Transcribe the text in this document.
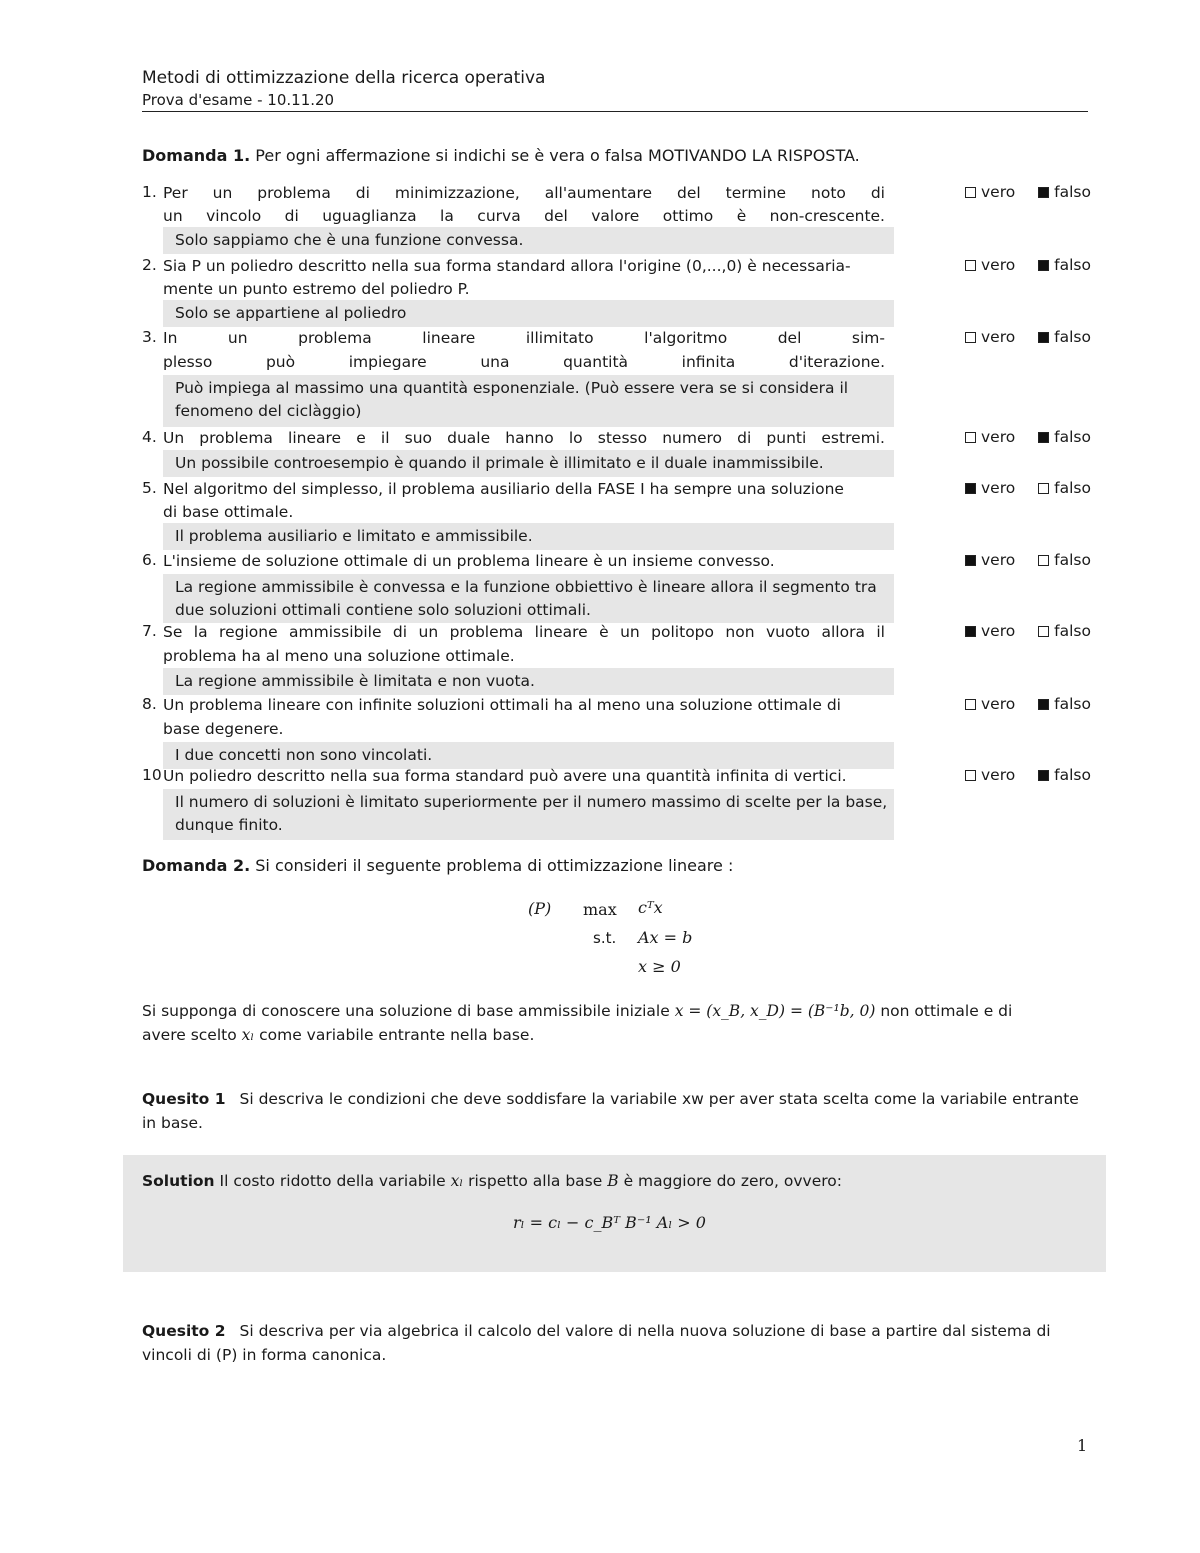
Metodi di ottimizzazione della ricerca operativa
Prova d'esame - 10.11.20
Domanda 1. Per ogni affermazione si indichi se è vera o falsa MOTIVANDO LA RISPOSTA.
1. Per un problema di minimizzazione, all'aumentare del termine noto di
un vincolo di uguaglianza la curva del valore ottimo è non-crescente.
Solo sappiamo che è una funzione convessa.
vero	falso
2. Sia P un poliedro descritto nella sua forma standard allora l'origine (0,...,0) è necessaria-
mente un punto estremo del poliedro P.
Solo se appartiene al poliedro
vero	falso
3. In un problema lineare illimitato l'algoritmo del sim-
plesso può impiegare una quantità infinita d'iterazione.
Può impiega al massimo una quantità esponenziale. (Può essere vera se si considera il fenomeno del ciclàggio)
vero	falso
4. Un problema lineare e il suo duale hanno lo stesso numero di punti estremi.
Un possibile controesempio è quando il primale è illimitato e il duale inammissibile.
vero	falso
5. Nel algoritmo del simplesso, il problema ausiliario della FASE I ha sempre una soluzione
di base ottimale.
Il problema ausiliario e limitato e ammissibile.
vero	falso
6. L'insieme de soluzione ottimale di un problema lineare è un insieme convesso.
La regione ammissibile è convessa e la funzione obbiettivo è lineare allora il segmento tra due soluzioni ottimali contiene solo soluzioni ottimali.
vero	falso
7. Se la regione ammissibile di un problema lineare è un politopo non vuoto allora il
problema ha al meno una soluzione ottimale.
La regione ammissibile è limitata e non vuota.
vero	falso
8. Un problema lineare con infinite soluzioni ottimali ha al meno una soluzione ottimale di
base degenere.
I due concetti non sono vincolati.
vero	falso
10 Un poliedro descritto nella sua forma standard può avere una quantità infinita di vertici.
Il numero di soluzioni è limitato superiormente per il numero massimo di scelte per la base, dunque finito.
vero	falso
Domanda 2. Si consideri il seguente problema di ottimizzazione lineare :
(P) max cᵀx
s.t. Ax = b
x ≥ 0
Si supponga di conoscere una soluzione di base ammissibile iniziale x = (x_B, x_D) = (B⁻¹b, 0) non ottimale e di
avere scelto xₗ come variabile entrante nella base.
Quesito 1 Si descriva le condizioni che deve soddisfare la variabile xw per aver stata scelta come la variabile entrante in base.
Solution Il costo ridotto della variabile xₗ rispetto alla base B è maggiore do zero, ovvero:
rₗ = cₗ − c_Bᵀ B⁻¹ Aₗ > 0
Quesito 2 Si descriva per via algebrica il calcolo del valore di nella nuova soluzione di base a partire dal sistema di vincoli di (P) in forma canonica.
1
